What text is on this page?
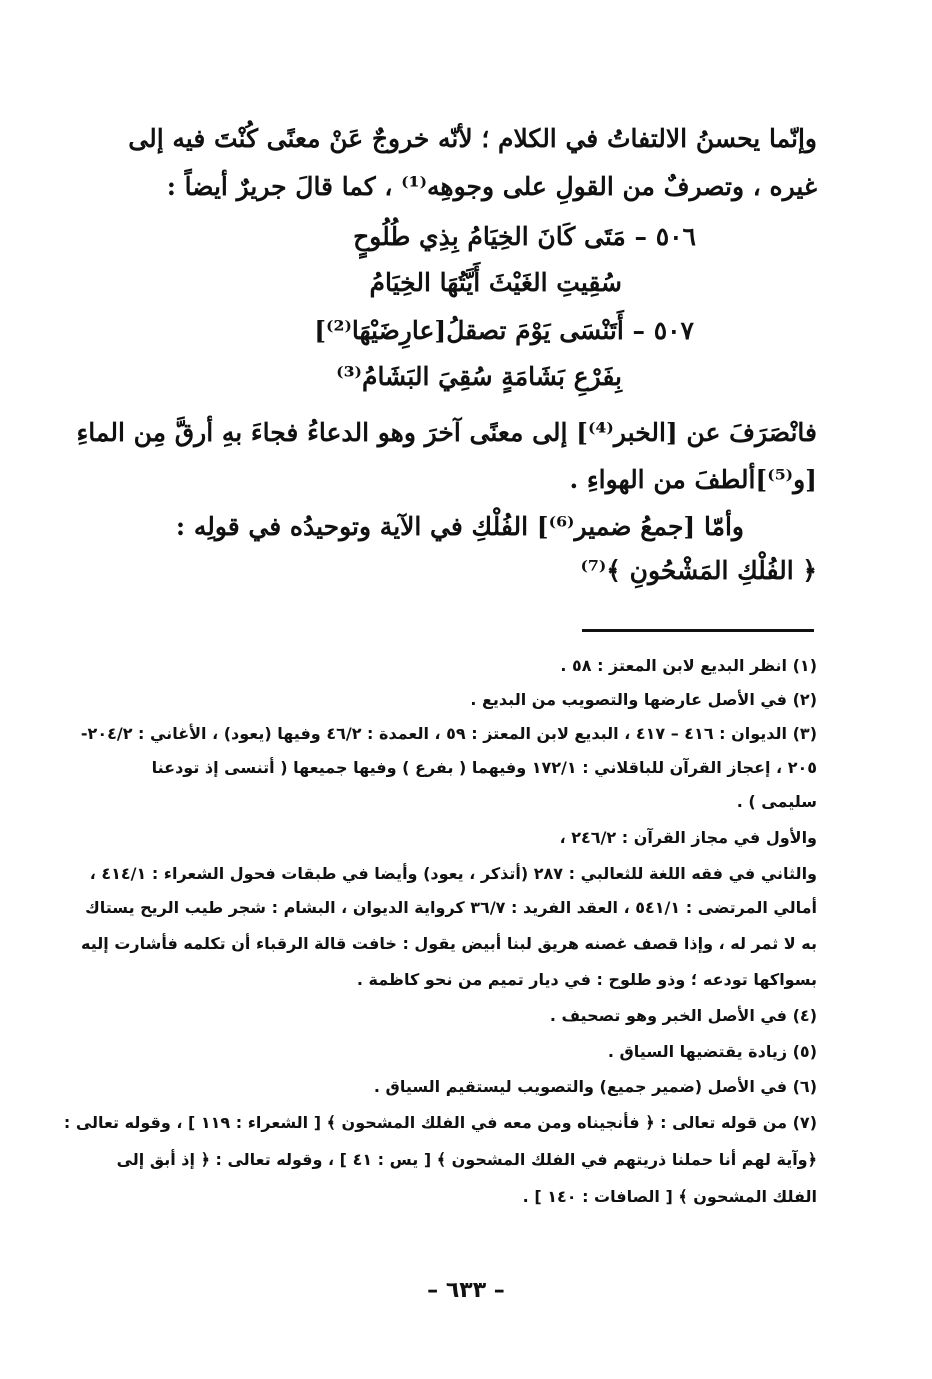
وإنّما يحسنُ الالتفاتُ في الكلام ؛ لأنّه خروجٌ عَنْ معنًى كُنْتَ فيه إلى
غيره ، وتصرفٌ من القولِ على وجوهِه⁽¹⁾ ، كما قالَ جريرٌ أيضاً :
٥٠٦ – مَتَى كَانَ الخِيَامُ بِذِي طُلُوحٍ
سُقِيتِ الغَيْثَ أَيَّتُهَا الخِيَامُ
٥٠٧ – أَتَنْسَى يَوْمَ تصقلُ[عارِضَيْهَا⁽²⁾]
بِفَرْعِ بَشَامَةٍ سُقِيَ البَشَامُ⁽³⁾
فانْصَرَفَ عن [الخبر⁽⁴⁾] إلى معنًى آخرَ وهو الدعاءُ فجاءَ بهِ أرقَّ مِن الماءِ
[و⁽⁵⁾]ألطفَ من الهواءِ .
وأمّا [جمعُ ضمير⁽⁶⁾] الفُلْكِ في الآية وتوحيدُه في قولِه :
﴿ الفُلْكِ المَشْحُونِ ﴾⁽⁷⁾
(١) انظر البديع لابن المعتز : ٥٨ .
(٢) في الأصل عارضها والتصويب من البديع .
(٣) الديوان : ٤١٦ – ٤١٧ ، البديع لابن المعتز : ٥٩ ، العمدة : ٤٦/٢ وفيها (يعود) ، الأغاني : ٢٠٤/٢-
٢٠٥ ، إعجاز القرآن للباقلاني : ١٧٢/١ وفيهما ( بفرع ) وفيها جميعها ( أتنسى إذ تودعنا
سليمى ) .
والأول في مجاز القرآن : ٢٤٦/٢ ،
والثاني في فقه اللغة للثعالبي : ٢٨٧ (أتذكر ، يعود) وأيضا في طبقات فحول الشعراء : ٤١٤/١ ،
أمالي المرتضى : ٥٤١/١ ، العقد الفريد : ٣٦/٧ كرواية الديوان ، البشام : شجر طيب الريح يستاك
به لا ثمر له ، وإذا قصف غصنه هريق لبنا أبيض يقول : خافت قالة الرقباء أن تكلمه فأشارت إليه
بسواكها تودعه ؛ وذو طلوح : في ديار تميم من نحو كاظمة .
(٤) في الأصل الخبر وهو تصحيف .
(٥) زيادة يقتضيها السياق .
(٦) في الأصل (ضمير جميع) والتصويب ليستقيم السياق .
(٧) من قوله تعالى : ﴿ فأنجيناه ومن معه في الفلك المشحون ﴾ [ الشعراء : ١١٩ ] ، وقوله تعالى :
﴿وآية لهم أنا حملنا ذريتهم في الفلك المشحون ﴾ [ يس : ٤١ ] ، وقوله تعالى : ﴿ إذ أبق إلى
الفلك المشحون ﴾ [ الصافات : ١٤٠ ] .
– ٦٣٣ –
